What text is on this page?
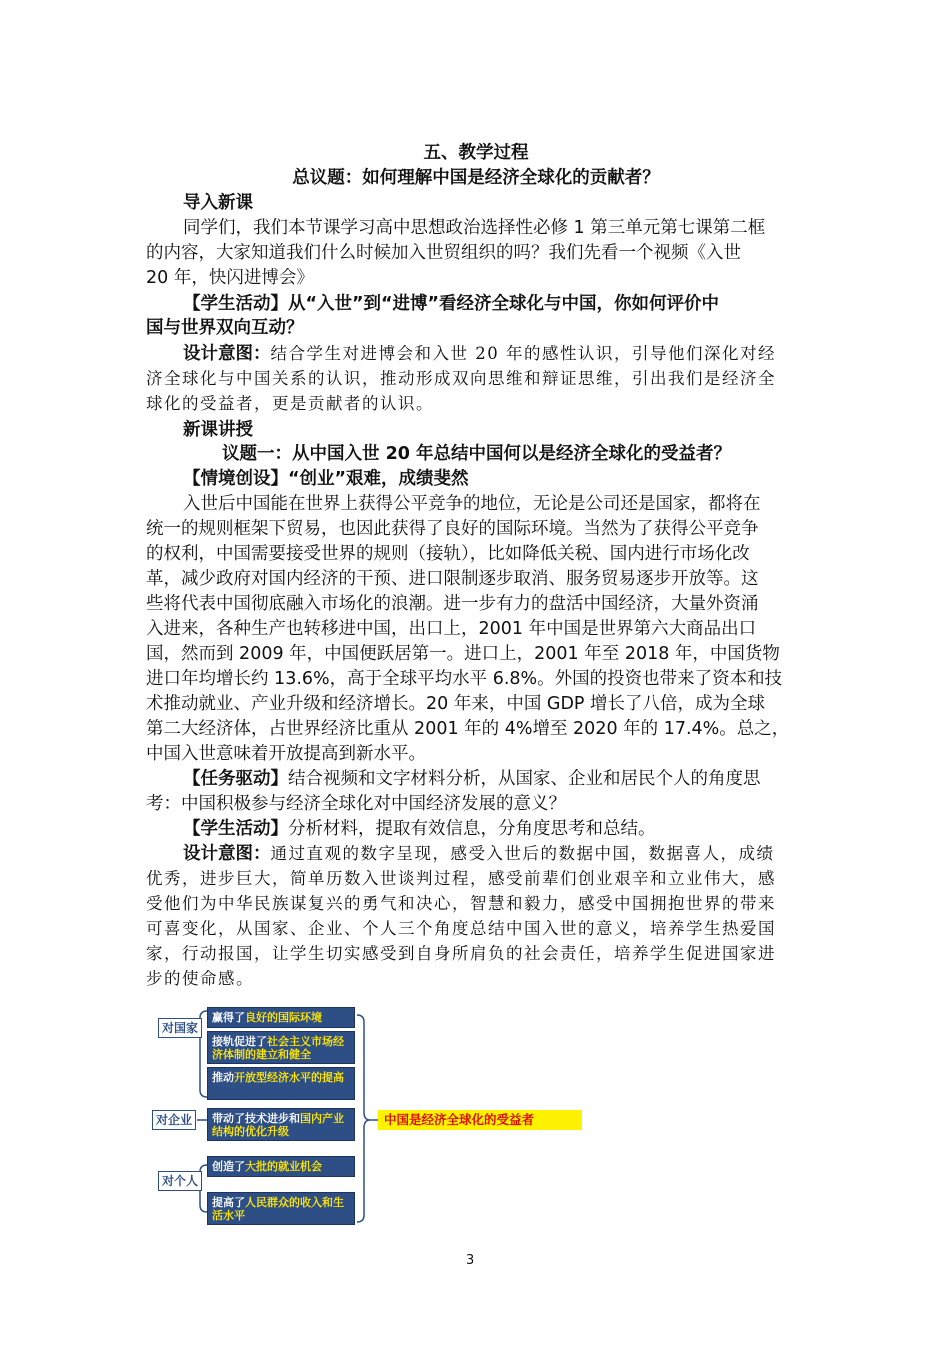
五、教学过程
总议题：如何理解中国是经济全球化的贡献者？
导入新课
同学们，我们本节课学习高中思想政治选择性必修 1 第三单元第七课第二框
的内容，大家知道我们什么时候加入世贸组织的吗？我们先看一个视频《入世
20 年，快闪进博会》
【学生活动】从“入世”到“进博”看经济全球化与中国，你如何评价中
国与世界双向互动？
设计意图：结合学生对进博会和入世 20 年的感性认识，引导他们深化对经
济全球化与中国关系的认识，推动形成双向思维和辩证思维，引出我们是经济全
球化的受益者，更是贡献者的认识。
新课讲授
议题一：从中国入世 20 年总结中国何以是经济全球化的受益者？
【情境创设】“创业”艰难，成绩斐然
入世后中国能在世界上获得公平竞争的地位，无论是公司还是国家，都将在
统一的规则框架下贸易，也因此获得了良好的国际环境。当然为了获得公平竞争
的权利，中国需要接受世界的规则（接轨），比如降低关税、国内进行市场化改
革，减少政府对国内经济的干预、进口限制逐步取消、服务贸易逐步开放等。这
些将代表中国彻底融入市场化的浪潮。进一步有力的盘活中国经济，大量外资涌
入进来，各种生产也转移进中国，出口上，2001 年中国是世界第六大商品出口
国，然而到 2009 年，中国便跃居第一。进口上，2001 年至 2018 年，中国货物
进口年均增长约 13.6%，高于全球平均水平 6.8%。外国的投资也带来了资本和技
术推动就业、产业升级和经济增长。20 年来，中国 GDP 增长了八倍，成为全球
第二大经济体，占世界经济比重从 2001 年的 4%增至 2020 年的 17.4%。总之，
中国入世意味着开放提高到新水平。
【任务驱动】结合视频和文字材料分析，从国家、企业和居民个人的角度思
考：中国积极参与经济全球化对中国经济发展的意义？
【学生活动】分析材料，提取有效信息，分角度思考和总结。
设计意图：通过直观的数字呈现，感受入世后的数据中国，数据喜人，成绩
优秀，进步巨大，简单历数入世谈判过程，感受前辈们创业艰辛和立业伟大，感
受他们为中华民族谋复兴的勇气和决心，智慧和毅力，感受中国拥抱世界的带来
可喜变化，从国家、企业、个人三个角度总结中国入世的意义，培养学生热爱国
家，行动报国，让学生切实感受到自身所肩负的社会责任，培养学生促进国家进
步的使命感。
对国家
对企业
对个人
赢得了良好的国际环境
接轨促进了社会主义市场经济体制的建立和健全
推动开放型经济水平的提高
带动了技术进步和国内产业结构的优化升级
创造了大批的就业机会
提高了人民群众的收入和生活水平
中国是经济全球化的受益者
3
